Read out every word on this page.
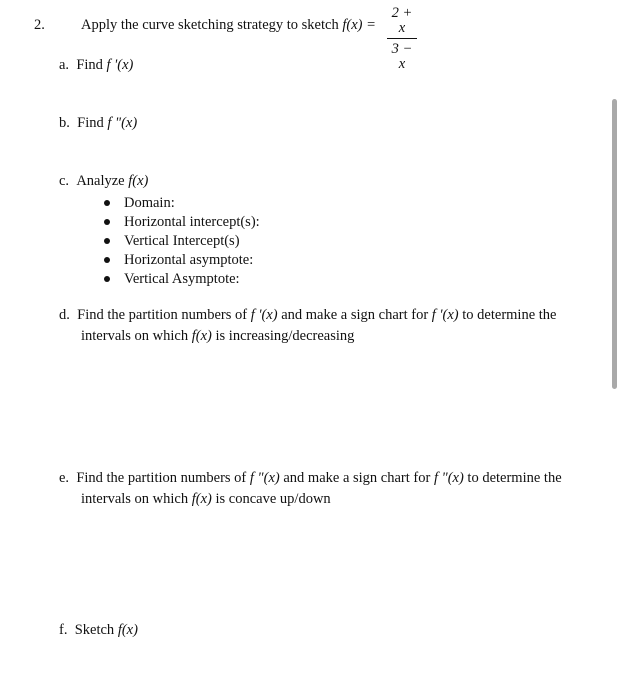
2. Apply the curve sketching strategy to sketch $f(x) = \frac{2 + x}{3 - x}$
a. Find f '(x)
b. Find f "(x)
c. Analyze f(x)
Domain:
Horizontal intercept(s):
Vertical Intercept(s)
Horizontal asymptote:
Vertical Asymptote:
d. Find the partition numbers of f '(x) and make a sign chart for f '(x) to determine the
intervals on which f(x) is increasing/decreasing
e. Find the partition numbers of f "(x) and make a sign chart for f "(x) to determine the
intervals on which f(x) is concave up/down
f. Sketch f(x)
